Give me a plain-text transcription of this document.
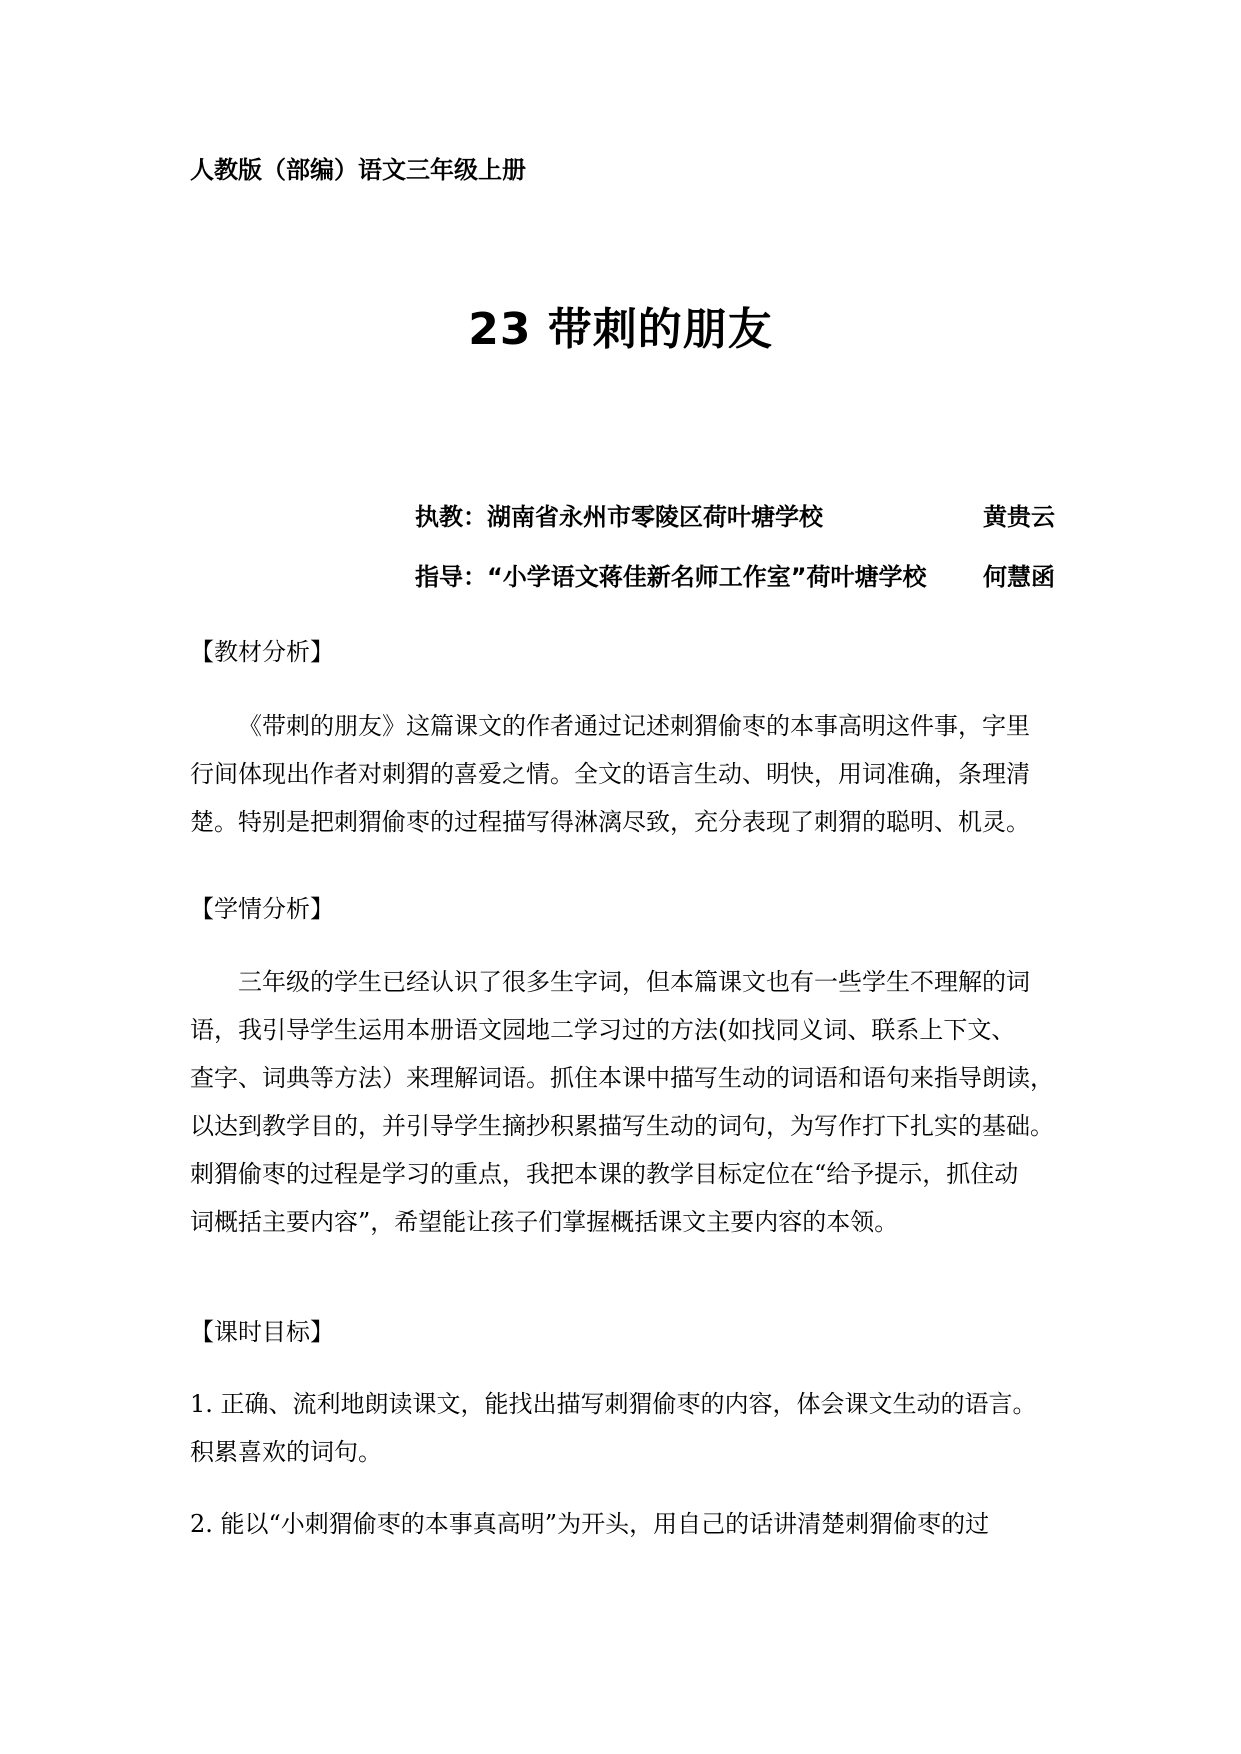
人教版（部编）语文三年级上册
23 带刺的朋友
执教：湖南省永州市零陵区荷叶塘学校	黄贵云
指导：“小学语文蒋佳新名师工作室”荷叶塘学校 何慧函
【教材分析】
《带刺的朋友》这篇课文的作者通过记述刺猬偷枣的本事高明这件事，字里
行间体现出作者对刺猬的喜爱之情。全文的语言生动、明快，用词准确，条理清
楚。特别是把刺猬偷枣的过程描写得淋漓尽致，充分表现了刺猬的聪明、机灵。
【学情分析】
三年级的学生已经认识了很多生字词，但本篇课文也有一些学生不理解的词
语，我引导学生运用本册语文园地二学习过的方法(如找同义词、联系上下文、
查字、词典等方法）来理解词语。抓住本课中描写生动的词语和语句来指导朗读，
以达到教学目的，并引导学生摘抄积累描写生动的词句，为写作打下扎实的基础。
刺猬偷枣的过程是学习的重点，我把本课的教学目标定位在“给予提示，抓住动
词概括主要内容”，希望能让孩子们掌握概括课文主要内容的本领。
【课时目标】
1. 正确、流利地朗读课文，能找出描写刺猬偷枣的内容，体会课文生动的语言。
积累喜欢的词句。
2. 能以“小刺猬偷枣的本事真高明”为开头，用自己的话讲清楚刺猬偷枣的过
